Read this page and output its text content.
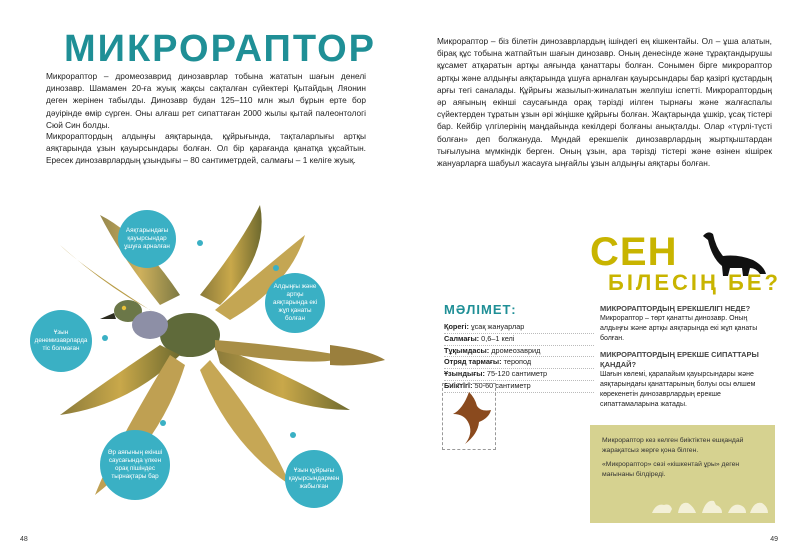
МИКРОРАПТОР
Микрораптор – дромеозаврид динозаврлар тобына жататын шағын денелі динозавр. Шамамен 20-ға жуық жақсы сақталған сүйектері Қытайдың Ляонин деген жерінен табылды. Динозавр будан 125–110 млн жыл бұрын ерте бор дәуірінде өмір сүрген. Оны алғаш рет сипаттаған 2000 жылы қытай палеонтологі Сюй Син болды.
Микрораптордың алдыңғы аяқтарында, құйрығында, тақталарлығы артқы аяқтарында ұзын қауырсындары болған. Ол бір қарағанда қанатқа ұқсайтын. Ересек динозаврлардың ұзындығы – 80 сантиметрдей, салмағы – 1 келіге жуық.
Аяқтарындағы қауырсындар ұшуға арналған
Алдыңғы және артқы аяқтарында екі жұп қанаты болған
Ұзын денемизаврларда тіс болмаған
Әр аяғының екінші саусағында үлкен орақ пішіндес тырнақтары бар
Ұзын құйрығы қауырсындармен жабылған
48
Микрораптор – біз білетін динозаврлардың ішіндегі ең кішкентайы. Ол – ұша алатын, бірақ құс тобына жатпайтын шағын динозавр. Оның денесінде және тұрақтандырушы құсамет атқаратын артқы аяғында қанаттары болған. Сонымен бірге микрораптор артқы және алдыңғы аяқтарында ұшуға арналған қауырсындары бар қазіргі құстардың арғы тегі саналады. Құйрығы жазылып-жиналатын желпуіш іспетті. Микрораптордың әр аяғының екінші саусағында орақ тәрізді иілген тырнағы және жалғаспалы сүйектерден тұратын ұзын әрі жіңішке құйрығы болған. Жақтарында ұшкір, ұсақ тістері бар. Кейбір үлгілерінің маңдайында кекілдері болғаны анықталды. Олар «түрлі-түсті болған» деп болжануда. Мұндай ерекшелік динозаврлардың жыртқыштардан тығылуына мүмкіндік берген. Оның ұзын, ара тәрізді тістері және өзінен кішірек жануарларға шабуыл жасауға ыңғайлы ұзын алдыңғы аяқтары болған.
СЕН
БІЛЕСІҢ БЕ?
МӘЛІМЕТ:
Қорегі: ұсақ жануарлар
Салмағы: 0,6–1 келі
Тұқымдасы: дромеозаврид
Отряд тармағы: теропод
Ұзындығы: 75-120 сантиметр
Биіктігі: 50-60 сантиметр
МИКРОРАПТОРДЫҢ ЕРЕКШЕЛІГІ НЕДЕ?
Микрораптор – төрт қанатты динозавр. Оның алдыңғы және артқы аяқтарында екі жұп қанаты болған.
МИКРОРАПТОРДЫҢ ЕРЕКШЕ СИПАТТАРЫ ҚАНДАЙ?
Шағын көлемі, қарапайым қауырсындары және аяқтарындағы қанаттарының болуы осы өлшем көрекенетін динозаврлардың ерекше сипаттамаларына жатады.
Микрораптор кез келген биіктіктен ешқандай жарақатсыз жерге қона білген.
«Микрораптор» сөзі «кішкентай ұры» деген мағынаны білдіреді.
49
